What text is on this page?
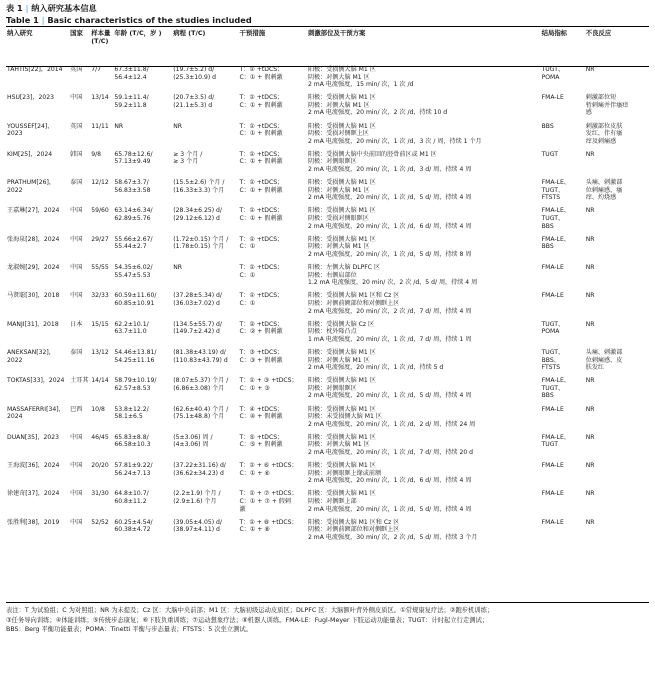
表 1 | 纳入研究基本信息
Table 1 | Basic characteristics of the studies included
纳入研究	国家	样本量 (T/C)	年龄 (T/C，岁 )	病程 (T/C)	干预措施	刺激部位及干预方案	结局指标	不良反应
TAHTIS[22]，2014	英国	7/7	67.3±11.8/
56.4±12.4	(19.7±5.2) d/
(25.3±10.9) d	T：① +tDCS；
C：① + 假刺激	阳极：受损侧大脑 M1 区
阴极：对侧大脑 M1 区
2 mA 电流强度，15 min/ 次，1 次 /d	TUGT、
POMA	NR

HSU[23]，2023	中国	13/14	59.1±11.4/
59.2±11.8	(20.7±3.5) d/
(21.1±5.3) d	T：① +tDCS；
C：① + 假刺激	阳极：受损侧大脑 M1 区
阴极：对侧大脑 M1 区
2 mA 电流强度，20 min/ 次，2 次 /d，持续 10 d	FMA-LE	刺激部位短
暂刺痛并伴瘙痒
感

YOUSSEF[24]，2023	英国	11/11	NR	NR	T：① +tDCS；
C：① + 假刺激	阳极：受损侧大脑 M1 区
阴极：受损对侧眶上区
2 mA 电流强度，20 min/ 次，1 次 /d，3 次 / 周，持续 1 个月	BBS	刺激部位皮肤
发红，伴有瘙
痒及刺痛感

KIM[25]，2024	韩国	9/8	65.78±12.6/
57.13±9.49	≥ 3 个月 /
≥ 3 个月	T：① +tDCS；
C：① + 假刺激	阳极：受损侧大脑中央前回的胫骨前区或 M1 区
阴极：对侧眼眶区
2 mA 电流强度，20 min/ 次，1 次 /d，3 d/ 周，持续 4 周	TUGT	NR

PRATHUM[26]，2022	泰国	12/12	58.67±3.7/
56.83±3.58	(15.5±2.6) 个月 /
(16.33±3.3) 个月	T：① +tDCS；
C：① + 假刺激	阳极：受损侧大脑 M1 区
阴极：对侧大脑 M1 区
2 mA 电流强度，20 min/ 次，1 次 /d，5 d/ 周，持续 4 周	FMA-LE、
TUGT、
FTSTS	头痛、刺激部
位刺痛感、瘙
痒、灼烧感

王嘉琳[27]，2024	中国	59/60	63.14±6.34/
62.89±5.76	(28.34±6.25) d/
(29.12±6.12) d	T：① +tDCS；
C：① + 假刺激	阳极：受损侧大脑 M1 区
阴极：受损对侧眼眶区
2 mA 电流强度，20 min/ 次，1 次 /d，6 d/ 周，持续 4 周	FMA-LE、
TUGT、
BBS	NR

张海泉[28]，2024	中国	29/27	55.66±2.67/
55.44±2.7	(1.72±0.15) 个月 /
(1.78±0.15) 个月	T：① +tDCS；
C：①	阳极：受损侧大脑 M1 区
阴极：对侧大脑 M1 区
2 mA 电流强度，20 min/ 次，1 次 /d，5 d/ 周，持续 8 周	FMA-LE、
BBS	NR

龙淑婉[29]，2024	中国	55/55	54.35±6.02/
55.47±5.53	NR	T：① +tDCS；
C：①	阳极：左侧大脑 DLPFC 区
阴极：右侧肩部位
1.2 mA 电流强度，20 min/ 次，2 次 /d，5 d/ 周，持续 4 周	FMA-LE	NR

马贤聪[30]，2018	中国	32/33	60.59±11.60/
60.85±10.91	(37.28±5.34) d/
(36.03±7.02) d	T：① +tDCS；
C：①	阳极：受损侧大脑 M1 区和 Cz 区
阴极：对侧前额部位和对侧眶上区
2 mA 电流强度，20 min/ 次，2 次 /d，7 d/ 周，持续 4 周	FMA-LE	NR

MANJI[31]，2018	日本	15/15	62.2±10.1/
63.7±11.0	(134.5±55.7) d/
(149.7±2.42) d	T：② +tDCS；
C：② + 假刺激	阳极：受损侧大脑 Cz 区
阴极：枕外隆凸点
1 mA 电流强度，20 min/ 次，1 次 /d，7 d/ 周，持续 1 周	TUGT、
POMA	NR

ANEKSAN[32]，2022	泰国	13/12	54.46±13.81/
54.25±11.16	(81.38±43.19) d/
(110.83±43.79) d	T：③ +tDCS；
C：③ + 假刺激	阳极：受损侧大脑 M1 区
阴极：对侧大脑 M1 区
2 mA 电流强度，20 min/ 次，1 次 /d，持续 5 d	TUGT、
BBS、
FTSTS	头痛、刺激部
位刺痛感、皮
肤发红

TOKTAS[33]，2024	土耳其	14/14	58.79±10.19/
62.57±8.53	(8.07±5.37) 个月 /
(6.86±3.08) 个月	T：① + ③ +tDCS；
C：① + ③	阳极：受损侧大脑 M1 区
阴极：对侧眼眶区
2 mA 电流强度，20 min/ 次，1 次 /d，5 d/ 周，持续 4 周	FMA-LE、
TUGT、
BBS	NR

MASSAFERRI[34]，2024	巴西	10/8	53.8±12.2/
58.1±6.5	(62.6±40.4) 个月 /
(75.1±48.8) 个月	T：④ +tDCS；
C：④ + 假刺激	阳极：受损侧大脑 M1 区
阴极：未受损侧大脑 M1 区
2 mA 电流强度，20 min/ 次，1 次 /d，2 d/ 周，持续 24 周	FMA-LE	NR

DUAN[35]，2023	中国	46/45	65.83±8.8/
66.58±10.3	(5±3.06) 周 /
(4±3.06) 周	T：⑤ +tDCS；
C：⑤ + 假刺激	阳极：受损侧大脑 M1 区
阴极：对侧大脑 M1 区
2 mA 电流强度，20 min/ 次，1 次 /d，7 d/ 周，持续 20 d	FMA-LE、
TUGT	NR

王海波[36]，2024	中国	20/20	57.81±9.22/
56.24±7.13	(37.22±31.16) d/
(36.62±34.23) d	T：① + ⑥ +tDCS；
C：① + ⑥	阳极：受损侧大脑 M1 区
阴极：对侧眼眶上缘或前额
2 mA 电流强度，20 min/ 次，1 次 /d，6 d/ 周，持续 4 周	FMA-LE	NR

徐建奇[37]，2024	中国	31/30	64.8±10.7/
60.8±11.2	(2.2±1.9) 个月 /
(2.9±1.6) 个月	T：① + ⑦ +tDCS；
C：① + ⑦ + 假刺
激	阳极：受损侧大脑 M1 区
阴极：对侧眶上部
2 mA 电流强度，20 min/ 次，1 次 /d，5 d/ 周，持续 4 周	FMA-LE	NR

张胜利[38]，2019	中国	52/52	60.25±4.54/
60.38±4.72	(39.05±4.05) d/
(38.97±4.11) d	T：① + ⑧ +tDCS；
C：① + ⑧	阳极：受损侧大脑 M1 区和 Cz 区
阴极：对侧前额部位和对侧眶上区
2 mA 电流强度，30 min/ 次，2 次 /d，5 d/ 周，持续 3 个月	FMA-LE	NR
表注：T 为试验组；C 为对照组；NR 为未提及；Cz 区：大脑中央前部；M1 区：大脑初级运动皮质区；DLPFC 区：大脑额叶背外侧皮质区。①常规康复疗法；②跑步机训练；
③任务导向训练；④体能训练；⑤传统步态康复；⑥下肢负重训练；⑦运动想象疗法；⑧机器人训练。FMA-LE：Fugl-Meyer 下肢运动功能量表；TUGT：计时起立行走测试；
BBS：Berg 平衡功能量表；POMA：Tinetti 平衡与步态量表；FTSTS：5 次坐立测试。
